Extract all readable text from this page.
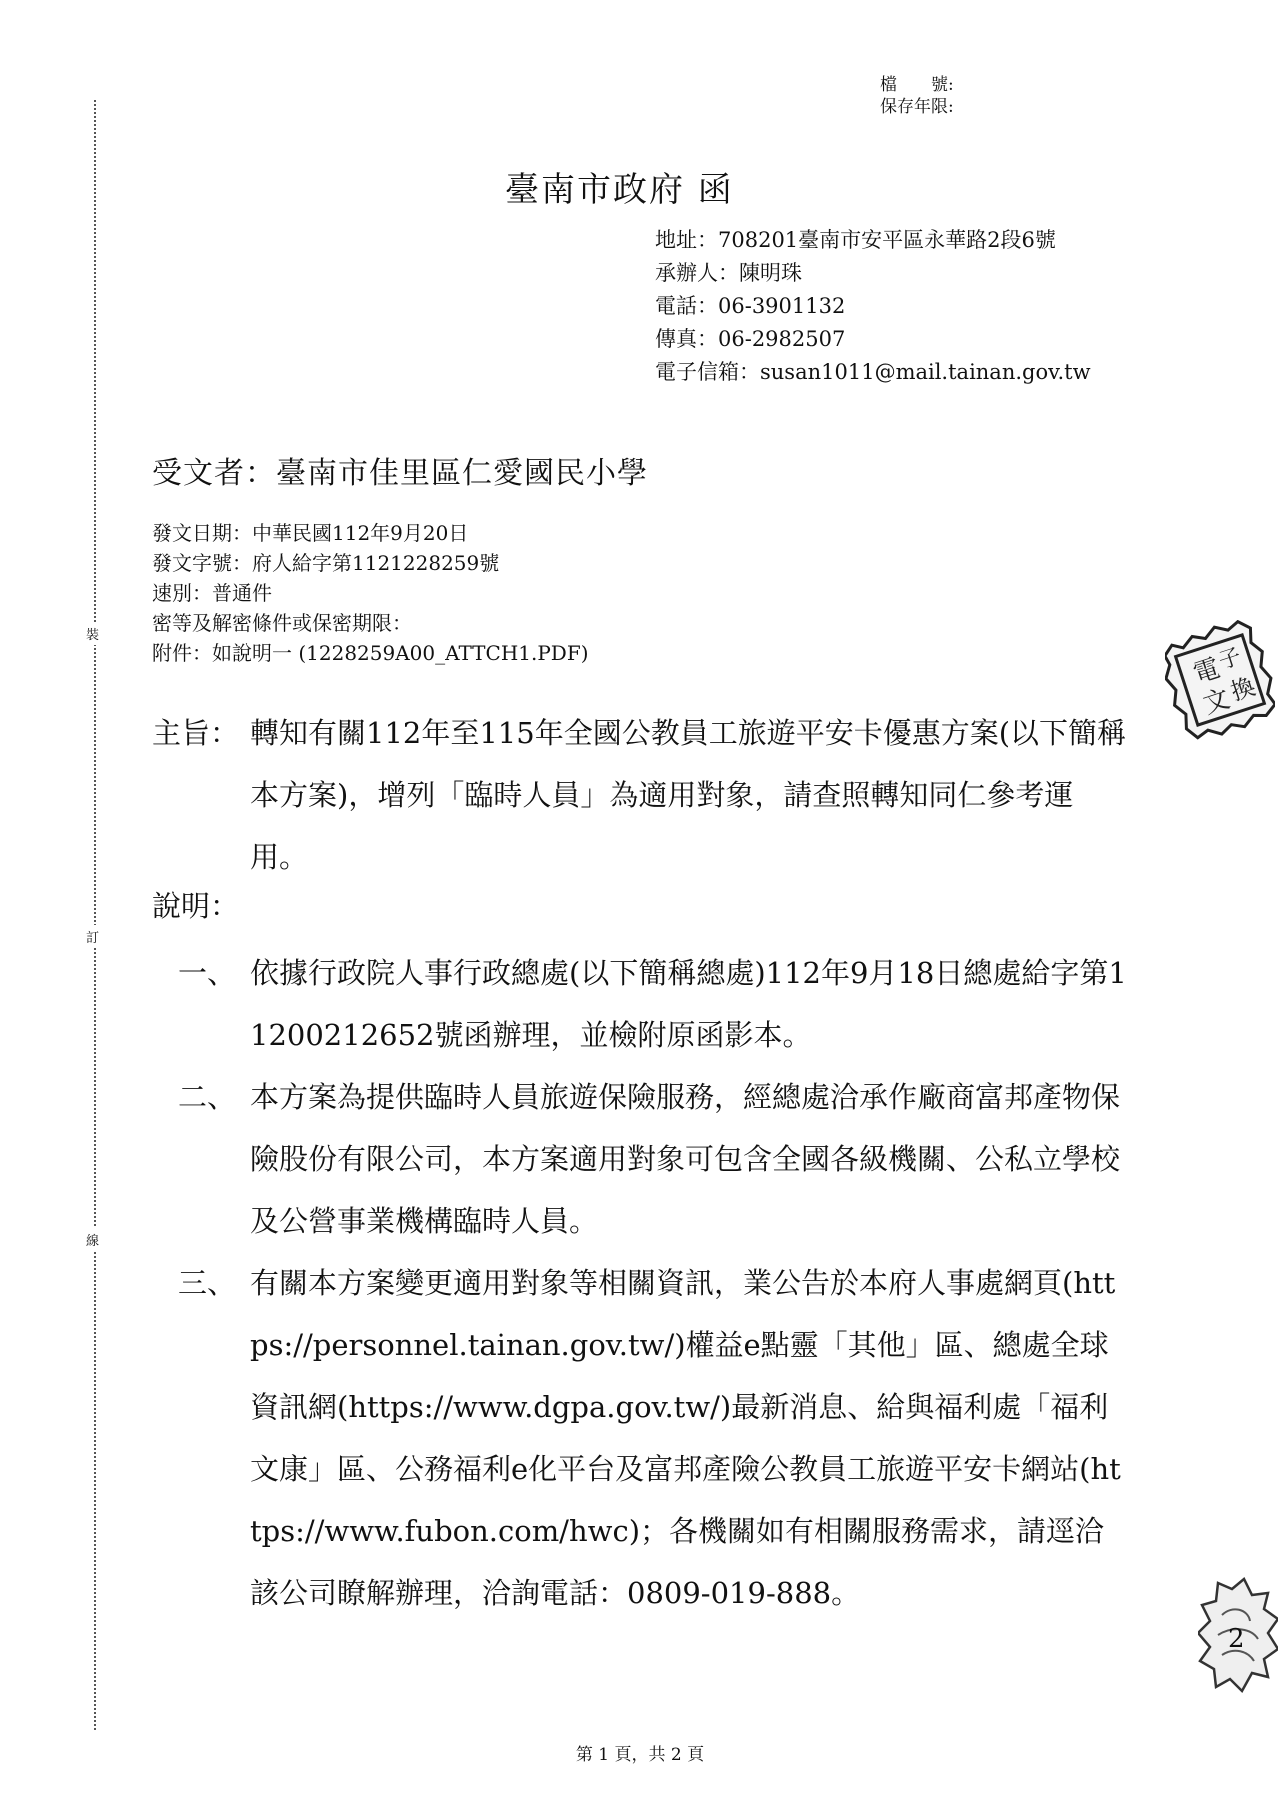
裝
訂
線
檔　　號:
保存年限:
臺南市政府 函
地址：708201臺南市安平區永華路2段6號
承辦人：陳明珠
電話：06-3901132
傳真：06-2982507
電子信箱：susan1011@mail.tainan.gov.tw
受文者：臺南市佳里區仁愛國民小學
發文日期：中華民國112年9月20日
發文字號：府人給字第1121228259號
速別：普通件
密等及解密條件或保密期限：
附件：如說明一 (1228259A00_ATTCH1.PDF)
主旨： 轉知有關112年至115年全國公教員工旅遊平安卡優惠方案(以下簡稱本方案)，增列「臨時人員」為適用對象，請查照轉知同仁參考運用。
說明：
一、 依據行政院人事行政總處(以下簡稱總處)112年9月18日總處給字第11200212652號函辦理，並檢附原函影本。
二、 本方案為提供臨時人員旅遊保險服務，經總處洽承作廠商富邦產物保險股份有限公司，本方案適用對象可包含全國各級機關、公私立學校及公營事業機構臨時人員。
三、 有關本方案變更適用對象等相關資訊，業公告於本府人事處網頁(https://personnel.tainan.gov.tw/)權益e點靈「其他」區、總處全球資訊網(https://www.dgpa.gov.tw/)最新消息、給與福利處「福利文康」區、公務福利e化平台及富邦產險公教員工旅遊平安卡網站(https://www.fubon.com/hwc)；各機關如有相關服務需求，請逕洽該公司瞭解辦理，洽詢電話：0809-019-888。
電
子
文
換
2
第 1 頁，共 2 頁
